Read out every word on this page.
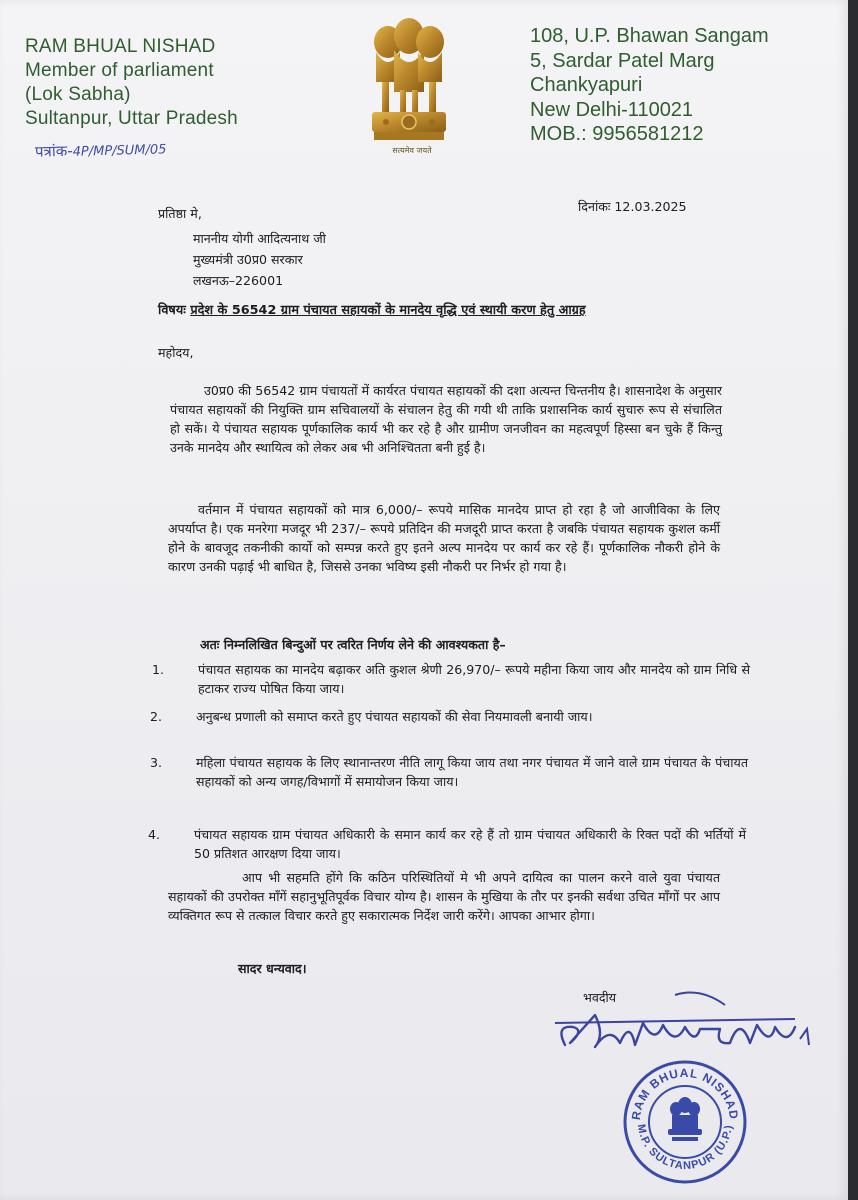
RAM BHUAL NISHAD
Member of parliament
(Lok Sabha)
Sultanpur, Uttar Pradesh
सत्यमेव जयते
108, U.P. Bhawan Sangam
5, Sardar Patel Marg
Chankyapuri
New Delhi-110021
MOB.: 9956581212
पत्रांक-4P/MP/SUM/05
प्रतिष्ठा मे,	दिनांकः 12.03.2025
माननीय योगी आदित्यनाथ जी
मुख्यमंत्री उ0प्र0 सरकार
लखनऊ–226001
विषयः प्रदेश के 56542 ग्राम पंचायत सहायकों के मानदेय वृद्धि एवं स्थायी करण हेतु आग्रह
महोदय,
उ0प्र0 की 56542 ग्राम पंचायतों में कार्यरत पंचायत सहायकों की दशा अत्यन्त चिन्तनीय है। शासनादेश के अनुसार पंचायत सहायकों की नियुक्ति ग्राम सचिवालयों के संचालन हेतु की गयी थी ताकि प्रशासनिक कार्य सुचारु रूप से संचालित हो सकें। ये पंचायत सहायक पूर्णकालिक कार्य भी कर रहे है और ग्रामीण जनजीवन का महत्वपूर्ण हिस्सा बन चुके हैं किन्तु उनके मानदेय और स्थायित्व को लेकर अब भी अनिश्चितता बनी हुई है।
वर्तमान में पंचायत सहायकों को मात्र 6,000/– रूपये मासिक मानदेय प्राप्त हो रहा है जो आजीविका के लिए अपर्याप्त है। एक मनरेगा मजदूर भी 237/– रूपये प्रतिदिन की मजदूरी प्राप्त करता है जबकि पंचायत सहायक कुशल कर्मी होने के बावजूद तकनीकी कार्यो को सम्पन्न करते हुए इतने अल्प मानदेय पर कार्य कर रहे हैं। पूर्णकालिक नौकरी होने के कारण उनकी पढ़ाई भी बाधित है, जिससे उनका भविष्य इसी नौकरी पर निर्भर हो गया है।
अतः निम्नलिखित बिन्दुओं पर त्वरित निर्णय लेने की आवश्यकता है–
1.	पंचायत सहायक का मानदेय बढ़ाकर अति कुशल श्रेणी 26,970/– रूपये महीना किया जाय और मानदेय को ग्राम निधि से हटाकर राज्य पोषित किया जाय।
2.	अनुबन्ध प्रणाली को समाप्त करते हुए पंचायत सहायकों की सेवा नियमावली बनायी जाय।
3.	महिला पंचायत सहायक के लिए स्थानान्तरण नीति लागू किया जाय तथा नगर पंचायत में जाने वाले ग्राम पंचायत के पंचायत सहायकों को अन्य जगह/विभागों में समायोजन किया जाय।
4.	पंचायत सहायक ग्राम पंचायत अधिकारी के समान कार्य कर रहे हैं तो ग्राम पंचायत अधिकारी के रिक्त पदों की भर्तियों में 50 प्रतिशत आरक्षण दिया जाय।
आप भी सहमति होंगे कि कठिन परिस्थितियों मे भी अपने दायित्व का पालन करने वाले युवा पंचायत सहायकों की उपरोक्त माँगें सहानुभूतिपूर्वक विचार योग्य है। शासन के मुखिया के तौर पर इनकी सर्वथा उचित माँगों पर आप व्यक्तिगत रूप से तत्काल विचार करते हुए सकारात्मक निर्देश जारी करेंगे। आपका आभार होगा।
सादर धन्यवाद।
भवदीय
RAM BHUAL NISHAD
M.P. SULTANPUR (U.P.)
